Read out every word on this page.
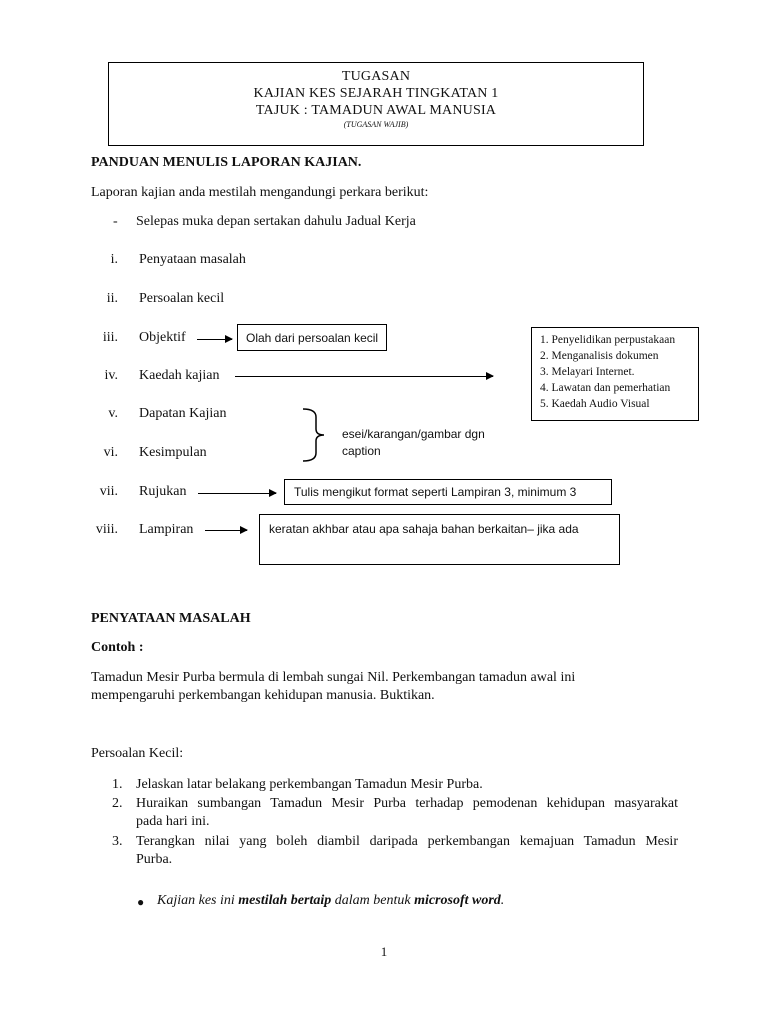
TUGASAN
KAJIAN KES SEJARAH TINGKATAN 1
TAJUK : TAMADUN AWAL MANUSIA
(TUGASAN WAJIB)
PANDUAN MENULIS LAPORAN KAJIAN.
Laporan kajian anda mestilah mengandungi perkara berikut:
- Selepas muka depan sertakan dahulu Jadual Kerja
i. Penyataan masalah
ii. Persoalan kecil
iii. Objektif
iv. Kaedah kajian
v. Dapatan Kajian
vi. Kesimpulan
vii. Rujukan
viii. Lampiran
Olah dari persoalan kecil	1. Penyelidikan perpustakaan
2. Menganalisis dokumen
3. Melayari Internet.
4. Lawatan dan pemerhatian
5. Kaedah Audio Visual
esei/karangan/gambar dgn
caption
Tulis mengikut format seperti Lampiran 3, minimum 3
keratan akhbar atau apa sahaja bahan berkaitan– jika ada
PENYATAAN MASALAH
Contoh :
Tamadun Mesir Purba bermula di lembah sungai Nil. Perkembangan tamadun awal ini
mempengaruhi perkembangan kehidupan manusia. Buktikan.
Persoalan Kecil:
1. Jelaskan latar belakang perkembangan Tamadun Mesir Purba.
2. Huraikan sumbangan Tamadun Mesir Purba terhadap pemodenan kehidupan masyarakat
pada hari ini.
3. Terangkan nilai yang boleh diambil daripada perkembangan kemajuan Tamadun Mesir
Purba.
● Kajian kes ini mestilah bertaip dalam bentuk microsoft word.
1
